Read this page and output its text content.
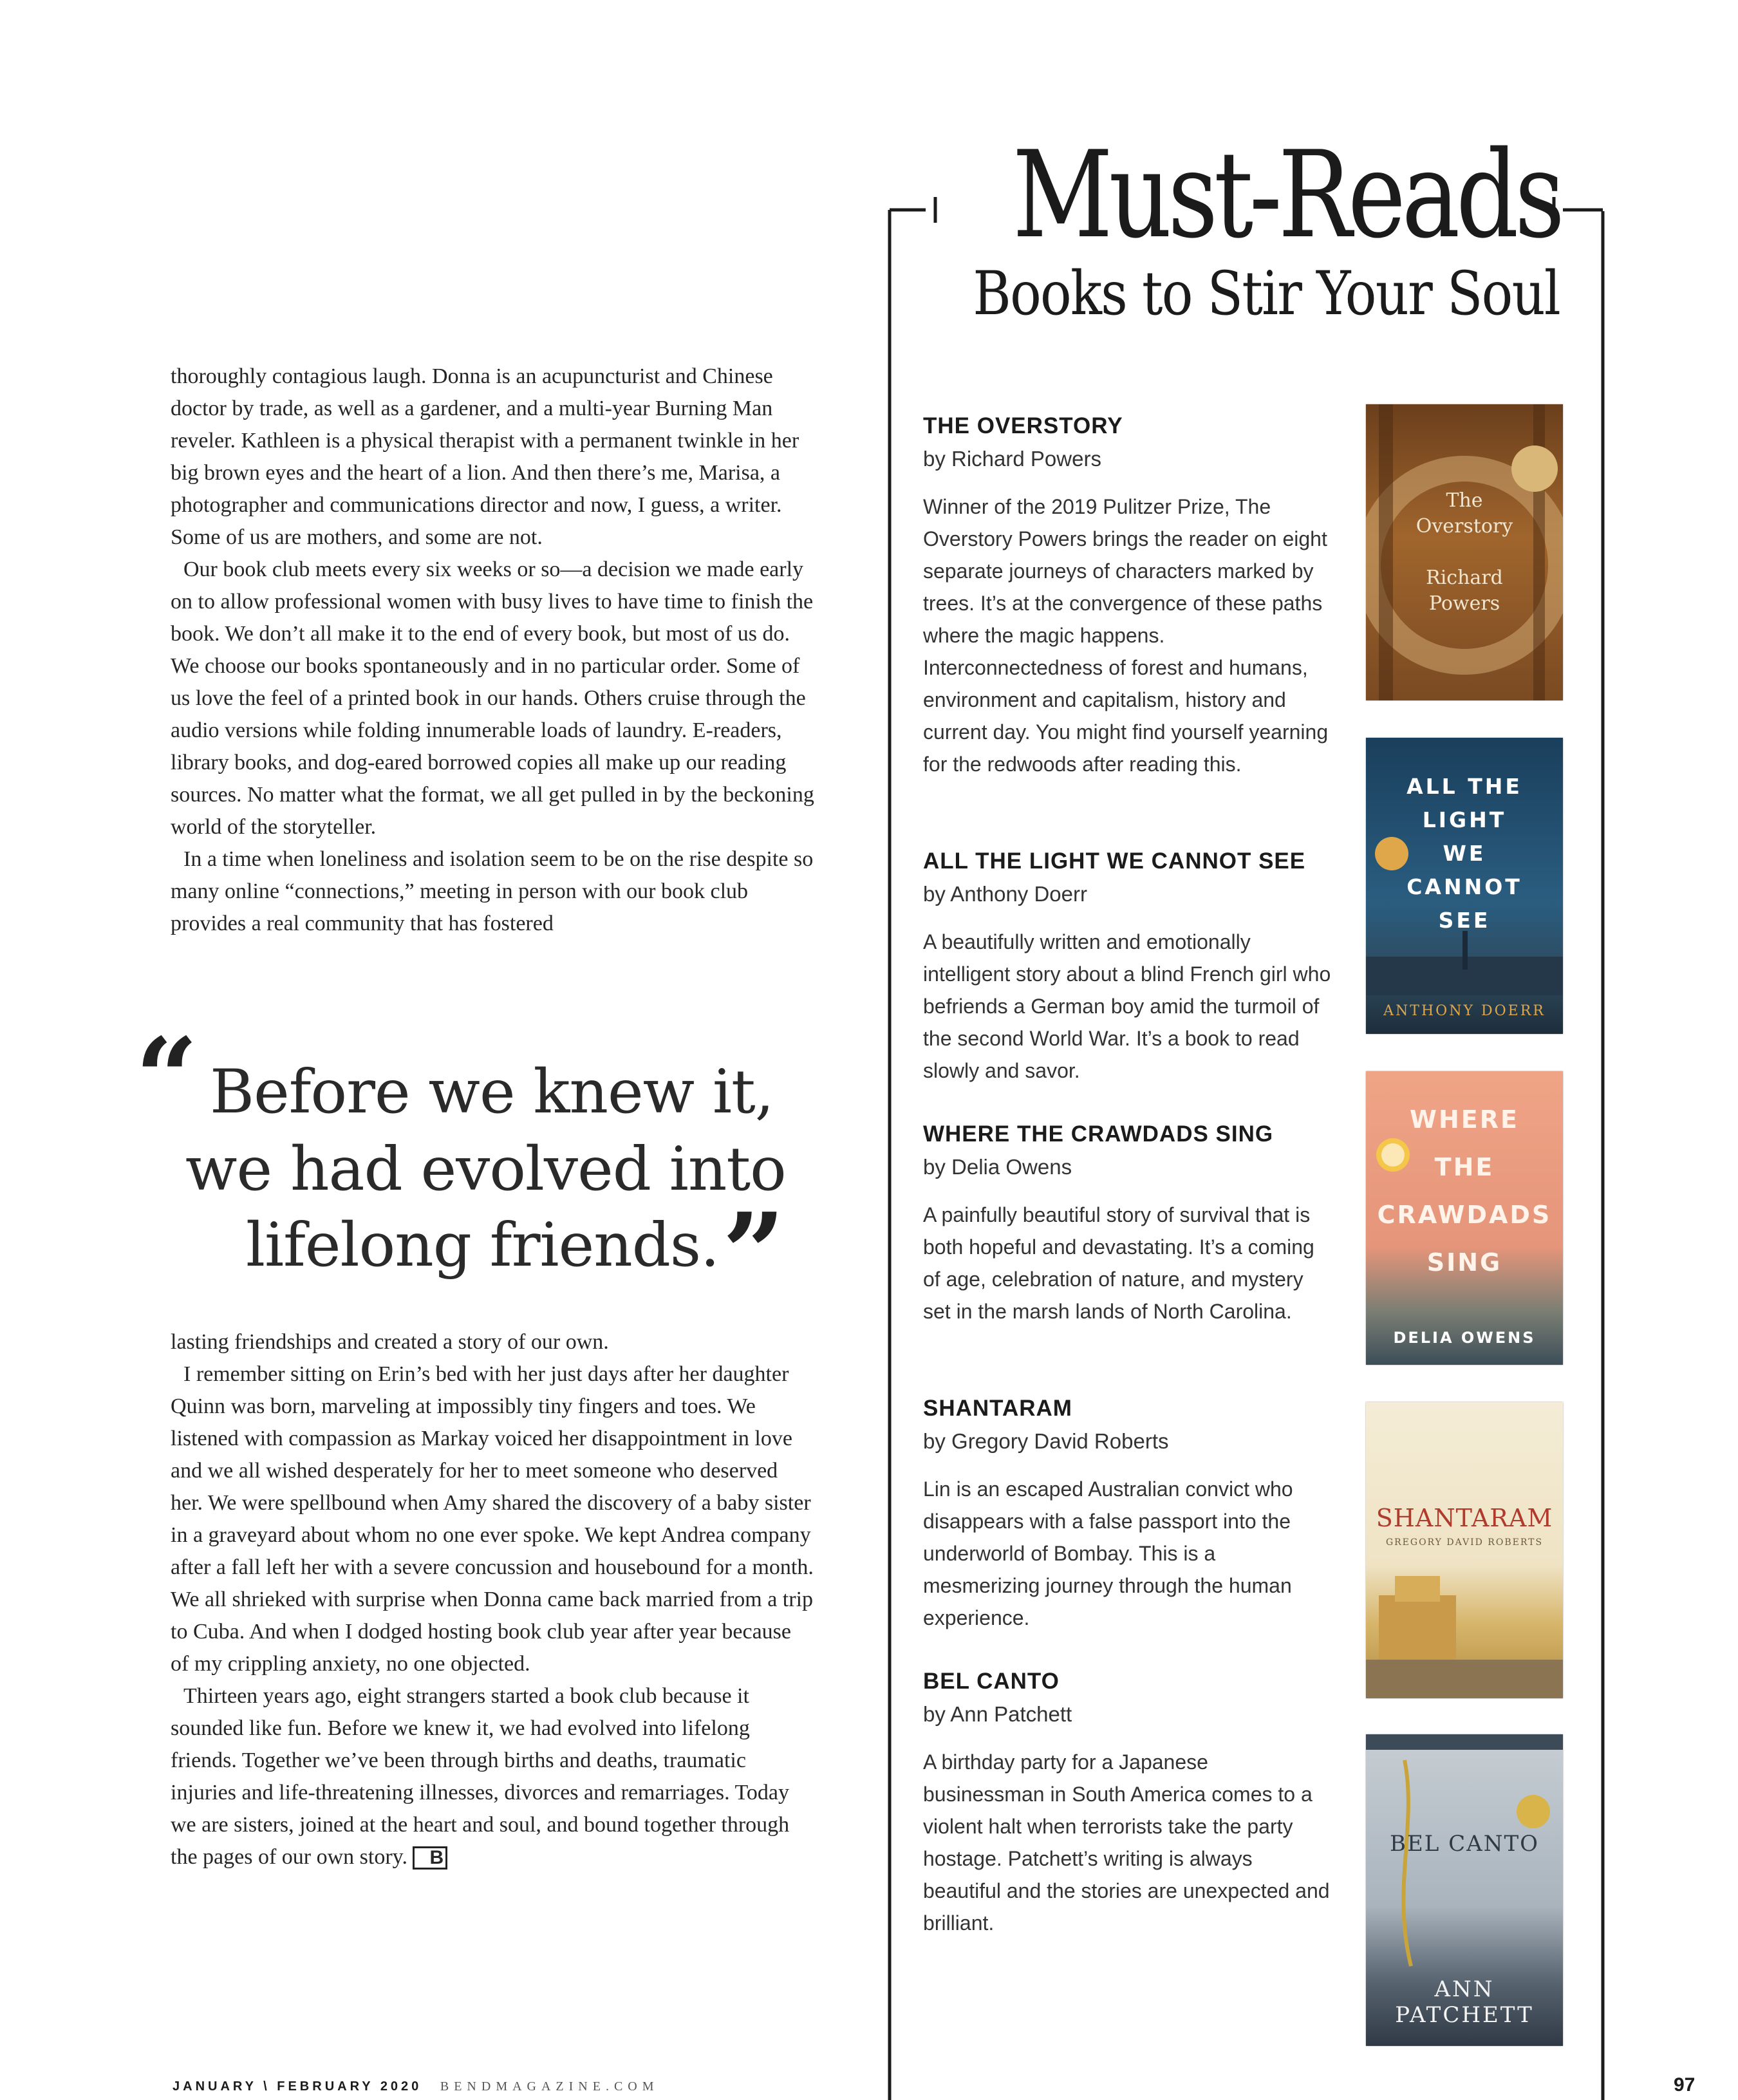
thoroughly contagious laugh. Donna is an acupuncturist and Chinese doctor by trade, as well as a gardener, and a multi-year Burning Man reveler. Kathleen is a physical therapist with a permanent twinkle in her big brown eyes and the heart of a lion. And then there’s me, Marisa, a photographer and communications director and now, I guess, a writer. Some of us are mothers, and some are not.

Our book club meets every six weeks or so—a decision we made early on to allow professional women with busy lives to have time to finish the book. We don’t all make it to the end of every book, but most of us do. We choose our books spontaneously and in no particular order. Some of us love the feel of a printed book in our hands. Others cruise through the audio versions while folding innumerable loads of laundry. E-readers, library books, and dog-eared borrowed copies all make up our reading sources. No matter what the format, we all get pulled in by the beckoning world of the storyteller.

In a time when loneliness and isolation seem to be on the rise despite so many online “connections,” meeting in person with our book club provides a real community that has fostered

“ Before we knew it,
we had evolved into
lifelong friends. ”

lasting friendships and created a story of our own.

I remember sitting on Erin’s bed with her just days after her daughter Quinn was born, marveling at impossibly tiny fingers and toes. We listened with compassion as Markay voiced her disappointment in love and we all wished desperately for her to meet someone who deserved her. We were spellbound when Amy shared the discovery of a baby sister in a graveyard about whom no one ever spoke. We kept Andrea company after a fall left her with a severe concussion and housebound for a month. We all shrieked with surprise when Donna came back married from a trip to Cuba. And when I dodged hosting book club year after year because of my crippling anxiety, no one objected.

Thirteen years ago, eight strangers started a book club because it sounded like fun. Before we knew it, we had evolved into lifelong friends. Together we’ve been through births and deaths, traumatic injuries and life-threatening illnesses, divorces and remarriages. Today we are sisters, joined at the heart and soul, and bound together through the pages of our own story. B

Must-Reads
Books to Stir Your Soul

THE OVERSTORY

by Richard Powers

Winner of the 2019 Pulitzer Prize, The Overstory Powers brings the reader on eight separate journeys of characters marked by trees. It’s at the convergence of these paths where the magic happens. Interconnectedness of forest and humans, environment and capitalism, history and current day. You might find yourself yearning for the redwoods after reading this.

The
Overstory
Richard
Powers

ALL THE LIGHT WE CANNOT SEE

by Anthony Doerr

A beautifully written and emotionally intelligent story about a blind French girl who befriends a German boy amid the turmoil of the second World War. It’s a book to read slowly and savor.

ALL THE
LIGHT
WE
CANNOT
SEE
ANTHONY DOERR

WHERE THE CRAWDADS SING

by Delia Owens

A painfully beautiful story of survival that is both hopeful and devastating. It’s a coming of age, celebration of nature, and mystery set in the marsh lands of North Carolina.

WHERE
THE
CRAWDADS
SING
DELIA OWENS

SHANTARAM

by Gregory David Roberts

Lin is an escaped Australian convict who disappears with a false passport into the underworld of Bombay. This is a mesmerizing journey through the human experience.

SHANTARAM
GREGORY DAVID ROBERTS

BEL CANTO

by Ann Patchett

A birthday party for a Japanese businessman in South America comes to a violent halt when terrorists take the party hostage. Patchett’s writing is always beautiful and the stories are unexpected and brilliant.

BEL CANTO
ANN
PATCHETT
JANUARY \ FEBRUARY 2020 BENDMAGAZINE.COM	97
